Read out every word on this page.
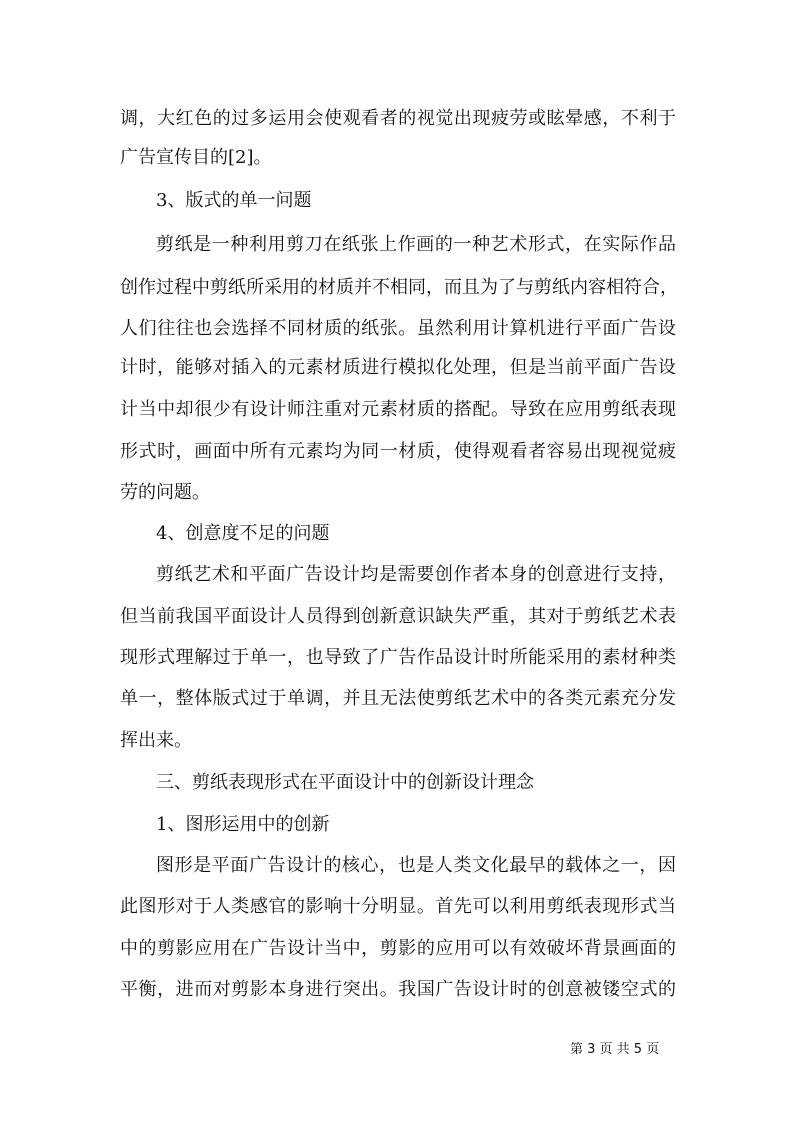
调，大红色的过多运用会使观看者的视觉出现疲劳或眩晕感，不利于
广告宣传目的[2]。
3、版式的单一问题
剪纸是一种利用剪刀在纸张上作画的一种艺术形式，在实际作品
创作过程中剪纸所采用的材质并不相同，而且为了与剪纸内容相符合，
人们往往也会选择不同材质的纸张。虽然利用计算机进行平面广告设
计时，能够对插入的元素材质进行模拟化处理，但是当前平面广告设
计当中却很少有设计师注重对元素材质的搭配。导致在应用剪纸表现
形式时，画面中所有元素均为同一材质，使得观看者容易出现视觉疲
劳的问题。
4、创意度不足的问题
剪纸艺术和平面广告设计均是需要创作者本身的创意进行支持，
但当前我国平面设计人员得到创新意识缺失严重，其对于剪纸艺术表
现形式理解过于单一，也导致了广告作品设计时所能采用的素材种类
单一，整体版式过于单调，并且无法使剪纸艺术中的各类元素充分发
挥出来。
三、剪纸表现形式在平面设计中的创新设计理念
1、图形运用中的创新
图形是平面广告设计的核心，也是人类文化最早的载体之一，因
此图形对于人类感官的影响十分明显。首先可以利用剪纸表现形式当
中的剪影应用在广告设计当中，剪影的应用可以有效破坏背景画面的
平衡，进而对剪影本身进行突出。我国广告设计时的创意被镂空式的
第 3 页 共 5 页
